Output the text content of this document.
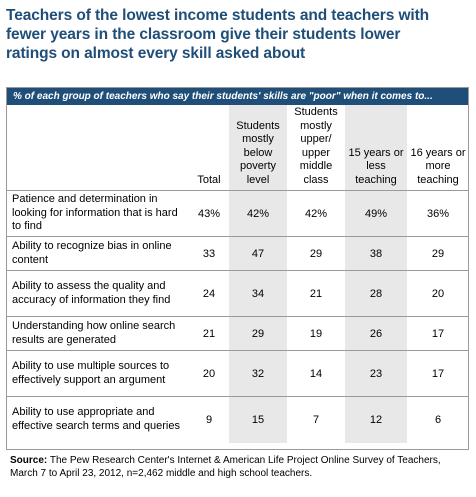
Teachers of the lowest income students and teachers with
fewer years in the classroom give their students lower
ratings on almost every skill asked about
% of each group of teachers who say their students' skills are "poor" when it comes to...
	Total	Students mostly below poverty level	Students mostly upper/ upper middle class	15 years or less teaching	16 years or more teaching
Patience and determination in looking for information that is hard to find	43%	42%	42%	49%	36%
Ability to recognize bias in online content	33	47	29	38	29
Ability to assess the quality and accuracy of information they find	24	34	21	28	20
Understanding how online search results are generated	21	29	19	26	17
Ability to use multiple sources to effectively support an argument	20	32	14	23	17
Ability to use appropriate and effective search terms and queries	9	15	7	12	6
Source: The Pew Research Center's Internet & American Life Project Online Survey of Teachers, March 7 to April 23, 2012, n=2,462 middle and high school teachers.
